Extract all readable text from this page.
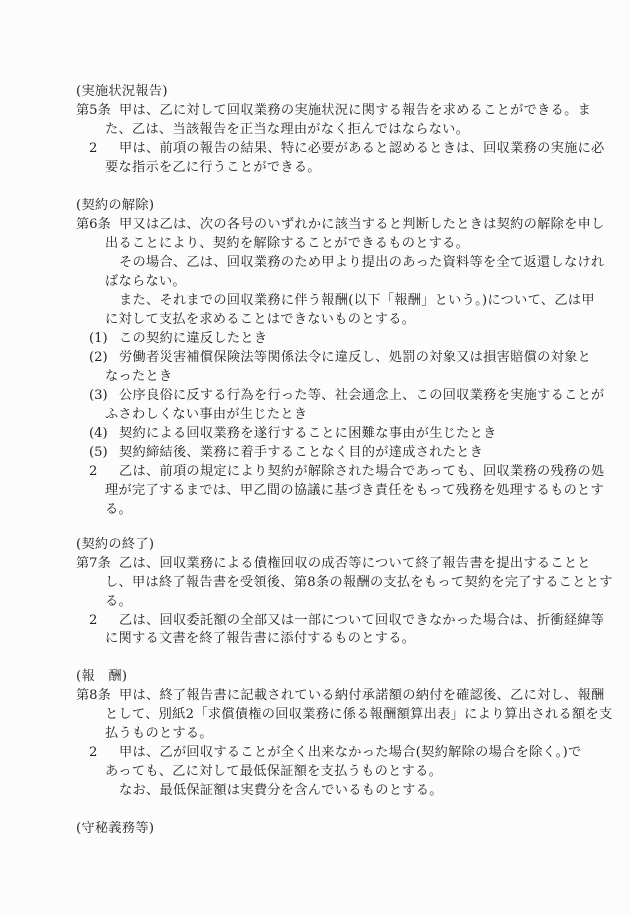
(実施状況報告)
第5条 甲は、乙に対して回収業務の実施状況に関する報告を求めることができる。ま
た、乙は、当該報告を正当な理由がなく拒んではならない。
2 甲は、前項の報告の結果、特に必要があると認めるときは、回収業務の実施に必
要な指示を乙に行うことができる。
(契約の解除)
第6条 甲又は乙は、次の各号のいずれかに該当すると判断したときは契約の解除を申し
出ることにより、契約を解除することができるものとする。
その場合、乙は、回収業務のため甲より提出のあった資料等を全て返還しなけれ
ばならない。
また、それまでの回収業務に伴う報酬(以下「報酬」という。)について、乙は甲
に対して支払を求めることはできないものとする。
(1) この契約に違反したとき
(2) 労働者災害補償保険法等関係法令に違反し、処罰の対象又は損害賠償の対象と
なったとき
(3) 公序良俗に反する行為を行った等、社会通念上、この回収業務を実施することが
ふさわしくない事由が生じたとき
(4) 契約による回収業務を遂行することに困難な事由が生じたとき
(5) 契約締結後、業務に着手することなく目的が達成されたとき
2 乙は、前項の規定により契約が解除された場合であっても、回収業務の残務の処
理が完了するまでは、甲乙間の協議に基づき責任をもって残務を処理するものとす
る。
(契約の終了)
第7条 乙は、回収業務による債権回収の成否等について終了報告書を提出することと
し、甲は終了報告書を受領後、第8条の報酬の支払をもって契約を完了することとす
る。
2 乙は、回収委託額の全部又は一部について回収できなかった場合は、折衝経緯等
に関する文書を終了報告書に添付するものとする。
(報　酬)
第8条 甲は、終了報告書に記載されている納付承諾額の納付を確認後、乙に対し、報酬
として、別紙2「求償債権の回収業務に係る報酬額算出表」により算出される額を支
払うものとする。
2 甲は、乙が回収することが全く出来なかった場合(契約解除の場合を除く。)で
あっても、乙に対して最低保証額を支払うものとする。
なお、最低保証額は実費分を含んでいるものとする。
(守秘義務等)
